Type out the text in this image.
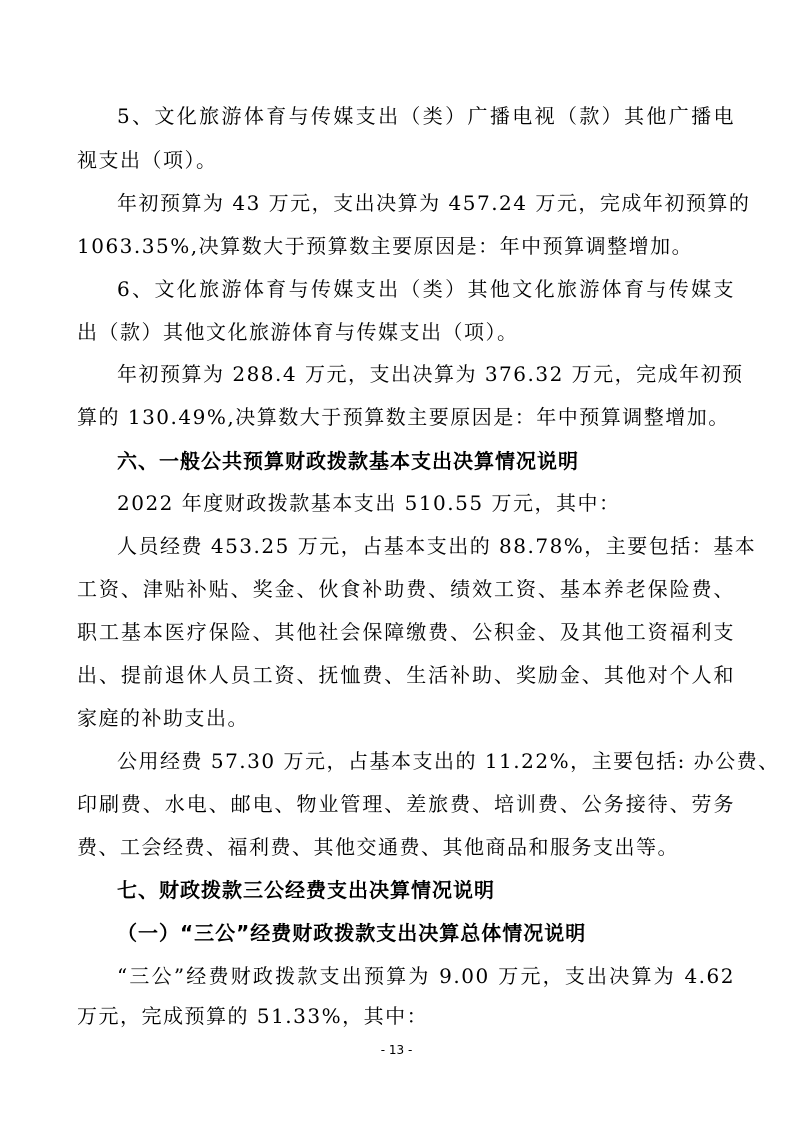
5、文化旅游体育与传媒支出（类）广播电视（款）其他广播电
视支出（项）。
年初预算为 43 万元，支出决算为 457.24 万元，完成年初预算的
1063.35%,决算数大于预算数主要原因是：年中预算调整增加。
6、文化旅游体育与传媒支出（类）其他文化旅游体育与传媒支
出（款）其他文化旅游体育与传媒支出（项）。
年初预算为 288.4 万元，支出决算为 376.32 万元，完成年初预
算的 130.49%,决算数大于预算数主要原因是：年中预算调整增加。
六、一般公共预算财政拨款基本支出决算情况说明
2022 年度财政拨款基本支出 510.55 万元，其中：
人员经费 453.25 万元，占基本支出的 88.78%，主要包括：基本
工资、津贴补贴、奖金、伙食补助费、绩效工资、基本养老保险费、
职工基本医疗保险、其他社会保障缴费、公积金、及其他工资福利支
出、提前退休人员工资、抚恤费、生活补助、奖励金、其他对个人和
家庭的补助支出。
公用经费 57.30 万元，占基本支出的 11.22%，主要包括: 办公费、
印刷费、水电、邮电、物业管理、差旅费、培训费、公务接待、劳务
费、工会经费、福利费、其他交通费、其他商品和服务支出等。
七、财政拨款三公经费支出决算情况说明
（一）“三公”经费财政拨款支出决算总体情况说明
“三公”经费财政拨款支出预算为 9.00 万元，支出决算为 4.62
万元，完成预算的 51.33%，其中：
- 13 -
